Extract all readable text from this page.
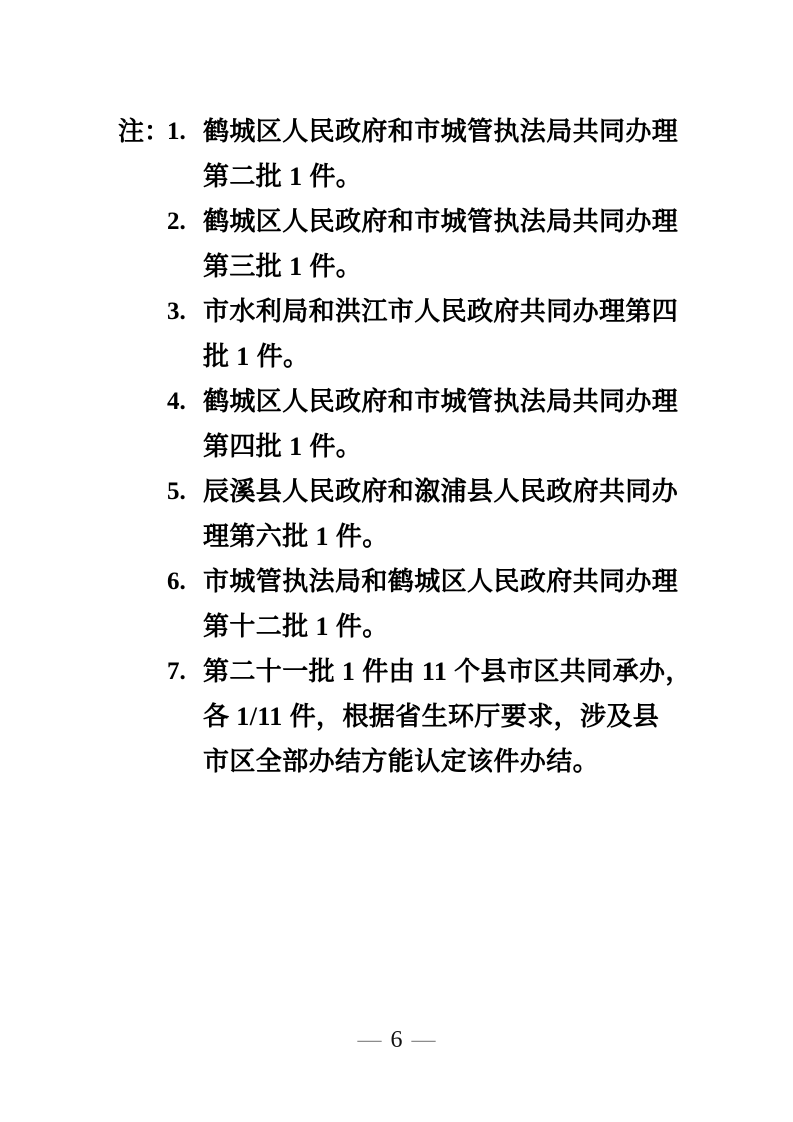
注：
1. 鹤城区人民政府和市城管执法局共同办理
第二批 1 件。
2. 鹤城区人民政府和市城管执法局共同办理
第三批 1 件。
3. 市水利局和洪江市人民政府共同办理第四
批 1 件。
4. 鹤城区人民政府和市城管执法局共同办理
第四批 1 件。
5. 辰溪县人民政府和溆浦县人民政府共同办
理第六批 1 件。
6. 市城管执法局和鹤城区人民政府共同办理
第十二批 1 件。
7. 第二十一批 1 件由 11 个县市区共同承办，
各 1/11 件，根据省生环厅要求，涉及县
市区全部办结方能认定该件办结。
— 6 —
